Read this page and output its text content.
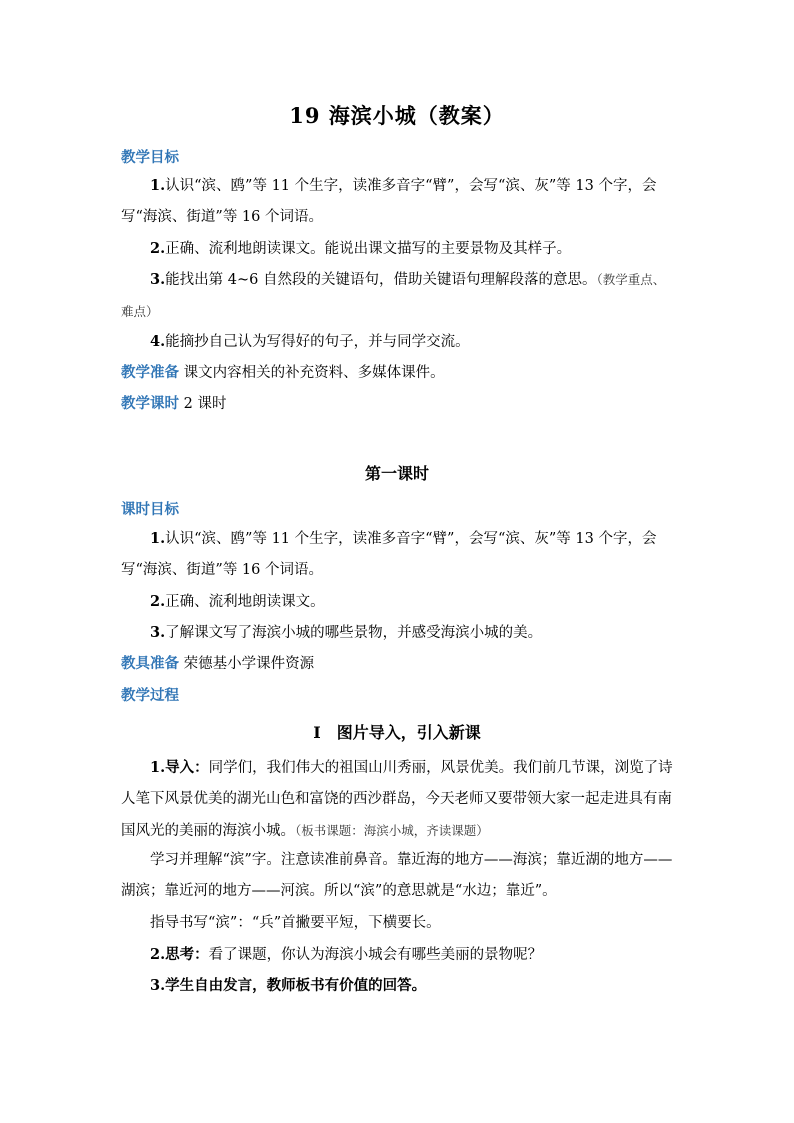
19 海滨小城（教案）
教学目标
1.认识“滨、鸥”等 11 个生字，读准多音字“臂”，会写“滨、灰”等 13 个字，会写“海滨、街道”等 16 个词语。
2.正确、流利地朗读课文。能说出课文描写的主要景物及其样子。
3.能找出第 4~6 自然段的关键语句，借助关键语句理解段落的意思。（教学重点、难点）
4.能摘抄自己认为写得好的句子，并与同学交流。
教学准备 课文内容相关的补充资料、多媒体课件。
教学课时 2 课时
第一课时
课时目标
1.认识“滨、鸥”等 11 个生字，读准多音字“臂”，会写“滨、灰”等 13 个字，会写“海滨、街道”等 16 个词语。
2.正确、流利地朗读课文。
3.了解课文写了海滨小城的哪些景物，并感受海滨小城的美。
教具准备 荣德基小学课件资源
教学过程
Ⅰ　图片导入，引入新课
1.导入：同学们，我们伟大的祖国山川秀丽，风景优美。我们前几节课，浏览了诗人笔下风景优美的湖光山色和富饶的西沙群岛，今天老师又要带领大家一起走进具有南国风光的美丽的海滨小城。（板书课题：海滨小城，齐读课题）
学习并理解“滨”字。注意读准前鼻音。靠近海的地方——海滨；靠近湖的地方——湖滨；靠近河的地方——河滨。所以“滨”的意思就是“水边；靠近”。
指导书写“滨”：“兵”首撇要平短，下横要长。
2.思考：看了课题，你认为海滨小城会有哪些美丽的景物呢？
3.学生自由发言，教师板书有价值的回答。
